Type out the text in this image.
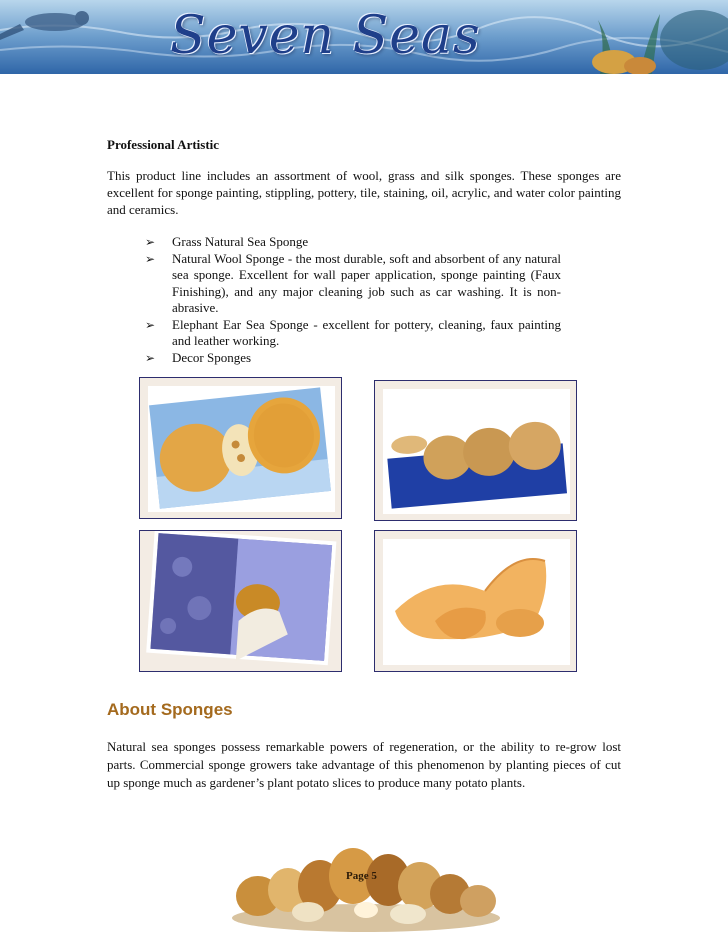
Seven Seas
Professional Artistic
This product line includes an assortment of wool, grass and silk sponges. These sponges are excellent for sponge painting, stippling, pottery, tile, staining, oil, acrylic, and water color painting and ceramics.
➢ Grass Natural Sea Sponge
➢ Natural Wool Sponge - the most durable, soft and absorbent of any natural sea sponge. Excellent for wall paper application, sponge painting (Faux Finishing), and any major cleaning job such as car washing. It is non-abrasive.
➢ Elephant Ear Sea Sponge - excellent for pottery, cleaning, faux painting and leather working.
➢ Decor Sponges
About Sponges
Natural sea sponges possess remarkable powers of regeneration, or the ability to re-grow lost parts. Commercial sponge growers take advantage of this phenomenon by planting pieces of cut up sponge much as gardener’s plant potato slices to produce many potato plants.
Page 5
